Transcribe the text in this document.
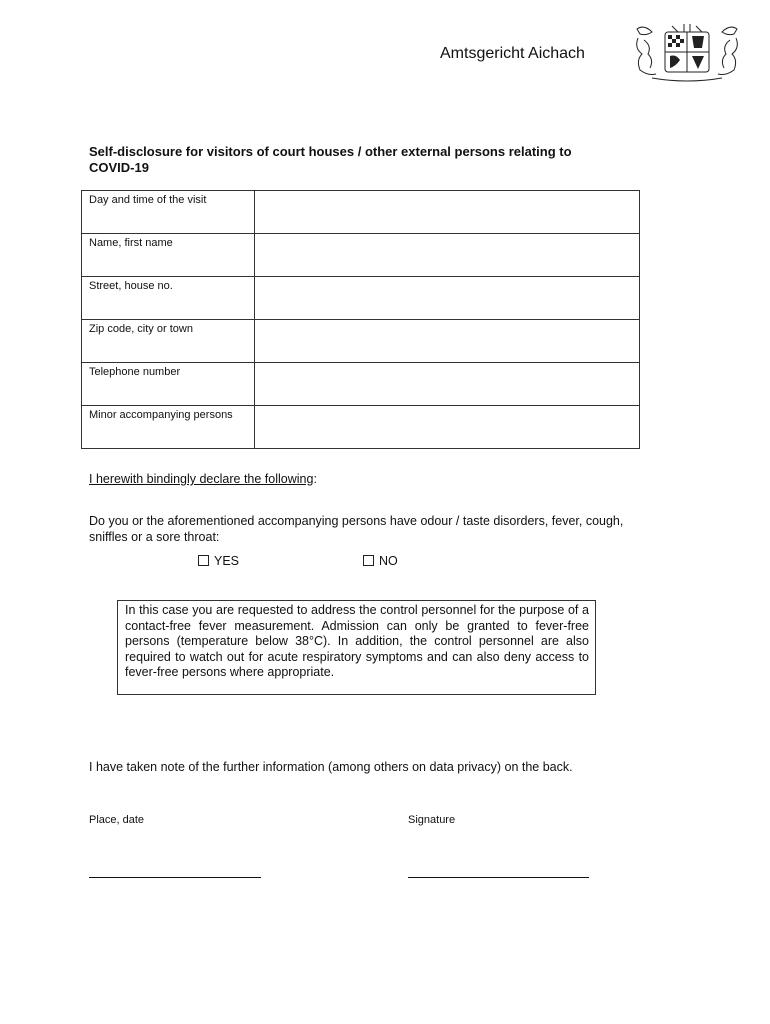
Amtsgericht Aichach
Self-disclosure for visitors of court houses / other external persons relating to COVID-19
Day and time of the visit	
Name, first name	
Street, house no.	
Zip code, city or town	
Telephone number	
Minor accompanying persons	
I herewith bindingly declare the following:
Do you or the aforementioned accompanying persons have odour / taste disorders, fever, cough, sniffles or a sore throat:
YES	NO
In this case you are requested to address the control personnel for the purpose of a contact-free fever measurement. Admission can only be granted to fever-free persons (temperature below 38°C). In addition, the control personnel are also required to watch out for acute respiratory symptoms and can also deny access to fever-free persons where appropriate.
I have taken note of the further information (among others on data privacy) on the back.
Place, date	Signature
